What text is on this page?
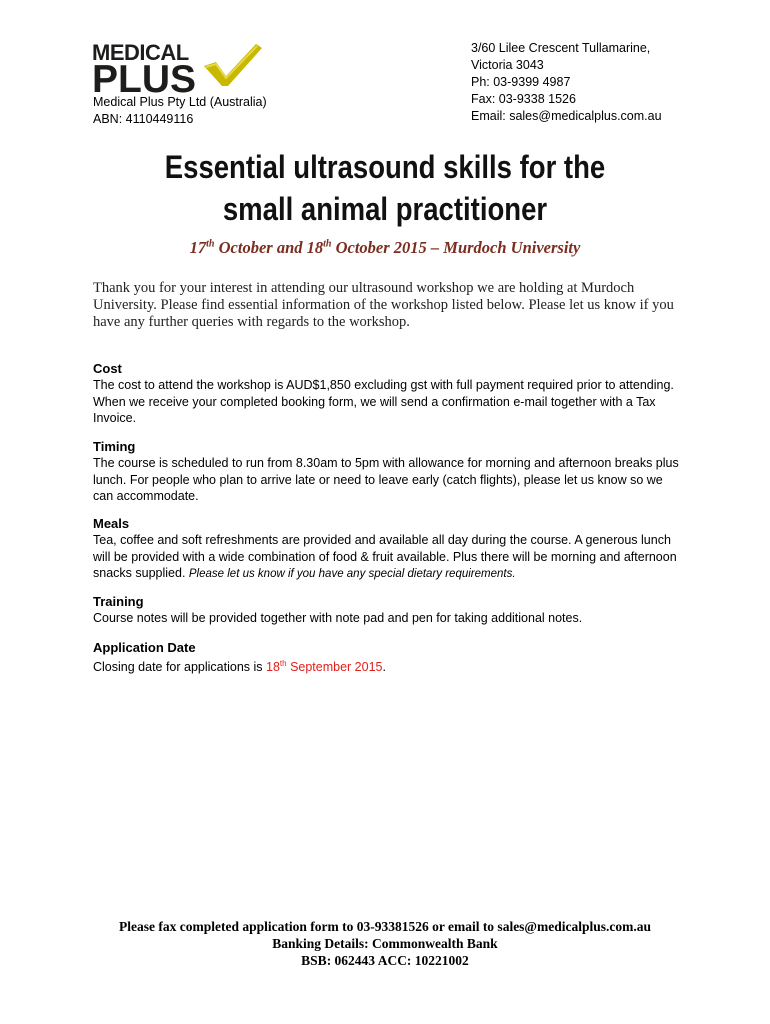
MEDICAL
PLUS
Medical Plus Pty Ltd (Australia)
ABN: 4110449116
3/60 Lilee Crescent Tullamarine,
Victoria 3043
Ph: 03-9399 4987
Fax: 03-9338 1526
Email: sales@medicalplus.com.au
Essential ultrasound skills for the
small animal practitioner
17th October and 18th October 2015 – Murdoch University
Thank you for your interest in attending our ultrasound workshop we are holding at Murdoch University. Please find essential information of the workshop listed below. Please let us know if you have any further queries with regards to the workshop.
Cost

The cost to attend the workshop is AUD$1,850 excluding gst with full payment required prior to attending. When we receive your completed booking form, we will send a confirmation e-mail together with a Tax Invoice.

Timing

The course is scheduled to run from 8.30am to 5pm with allowance for morning and afternoon breaks plus lunch. For people who plan to arrive late or need to leave early (catch flights), please let us know so we can accommodate.

Meals

Tea, coffee and soft refreshments are provided and available all day during the course. A generous lunch will be provided with a wide combination of food & fruit available. Plus there will be morning and afternoon snacks supplied. Please let us know if you have any special dietary requirements.

Training

Course notes will be provided together with note pad and pen for taking additional notes.

Application Date

Closing date for applications is 18th September 2015.

Please fax completed application form to 03-93381526 or email to sales@medicalplus.com.au
Banking Details: Commonwealth Bank
BSB: 062443 ACC: 10221002
